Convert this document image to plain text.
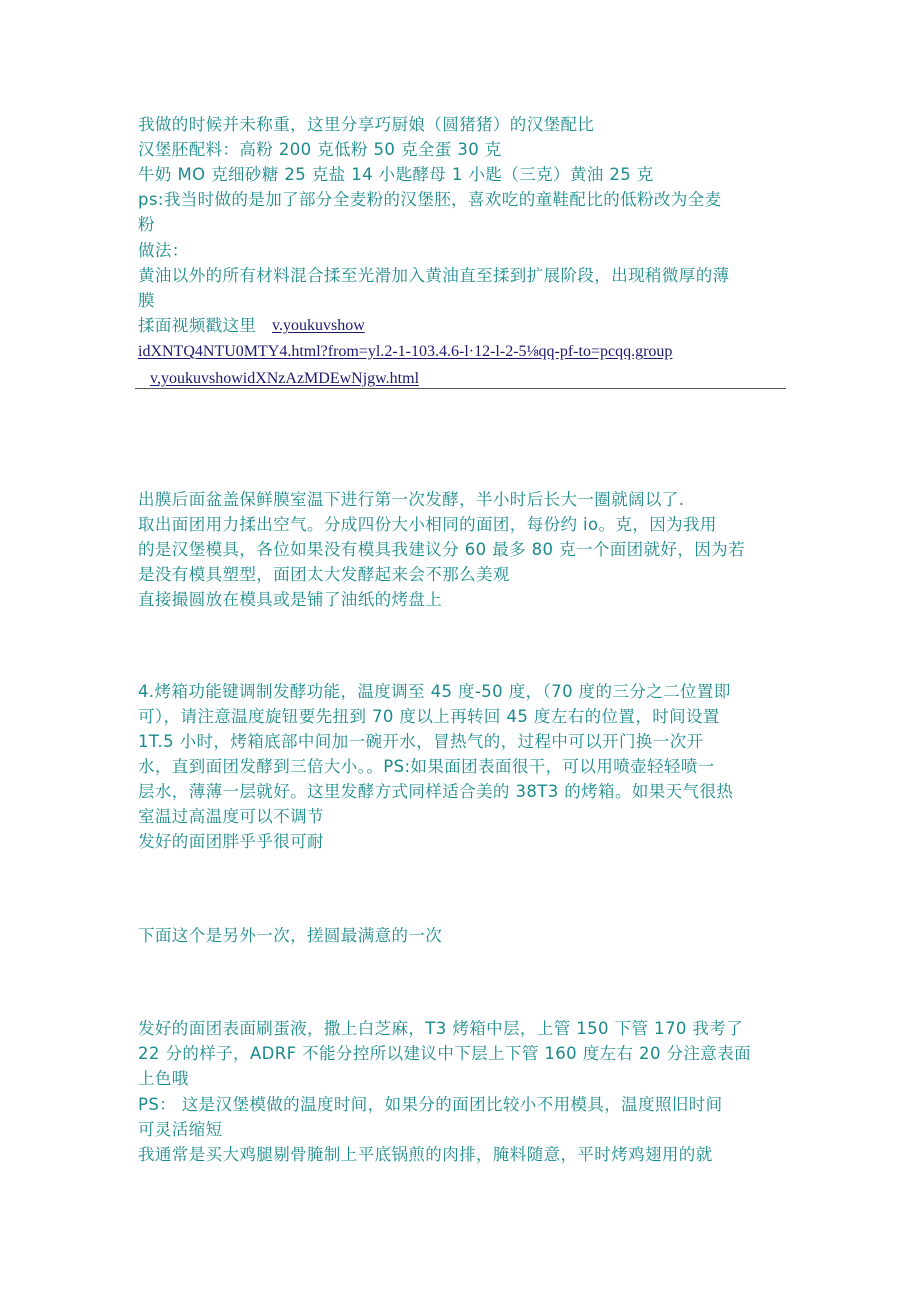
我做的时候并未称重，这里分享巧厨娘（圆猪猪）的汉堡配比
汉堡胚配料：高粉 200 克低粉 50 克全蛋 30 克
牛奶 MO 克细砂糖 25 克盐 14 小匙酵母 1 小匙（三克）黄油 25 克
ps:我当时做的是加了部分全麦粉的汉堡胚，喜欢吃的童鞋配比的低粉改为全麦
粉
做法：
黄油以外的所有材料混合揉至光滑加入黄油直至揉到扩展阶段，出现稍微厚的薄
膜
揉面视频戳这里 v.youkuvshow
idXNTQ4NTU0MTY4.html?from=yl.2-1-103.4.6-l·12-l-2-5⅛qq-pf-to=pcqq.group
v,youkuvshowidXNzAzMDEwNjgw.html
出膜后面盆盖保鲜膜室温下进行第一次发酵，半小时后长大一圈就阔以了.
取出面团用力揉出空气。分成四份大小相同的面团，每份约 io。克，因为我用
的是汉堡模具，各位如果没有模具我建议分 60 最多 80 克一个面团就好，因为若
是没有模具塑型，面团太大发酵起来会不那么美观
直接撮圆放在模具或是铺了油纸的烤盘上
4.烤箱功能键调制发酵功能，温度调至 45 度-50 度，（70 度的三分之二位置即
可），请注意温度旋钮要先扭到 70 度以上再转回 45 度左右的位置，时间设置
1T.5 小时，烤箱底部中间加一碗开水，冒热气的，过程中可以开门换一次开
水，直到面团发酵到三倍大小。。PS:如果面团表面很干，可以用喷壶轻轻喷一
层水，薄薄一层就好。这里发酵方式同样适合美的 38T3 的烤箱。如果天气很热
室温过高温度可以不调节
发好的面团胖乎乎很可耐
下面这个是另外一次，搓圆最满意的一次
发好的面团表面刷蛋液，撒上白芝麻，T3 烤箱中层，上管 150 下管 170 我考了
22 分的样子，ADRF 不能分控所以建议中下层上下管 160 度左右 20 分注意表面
上色哦
PS： 这是汉堡模做的温度时间，如果分的面团比较小不用模具，温度照旧时间
可灵活缩短
我通常是买大鸡腿剔骨腌制上平底锅煎的肉排，腌料随意，平时烤鸡翅用的就
